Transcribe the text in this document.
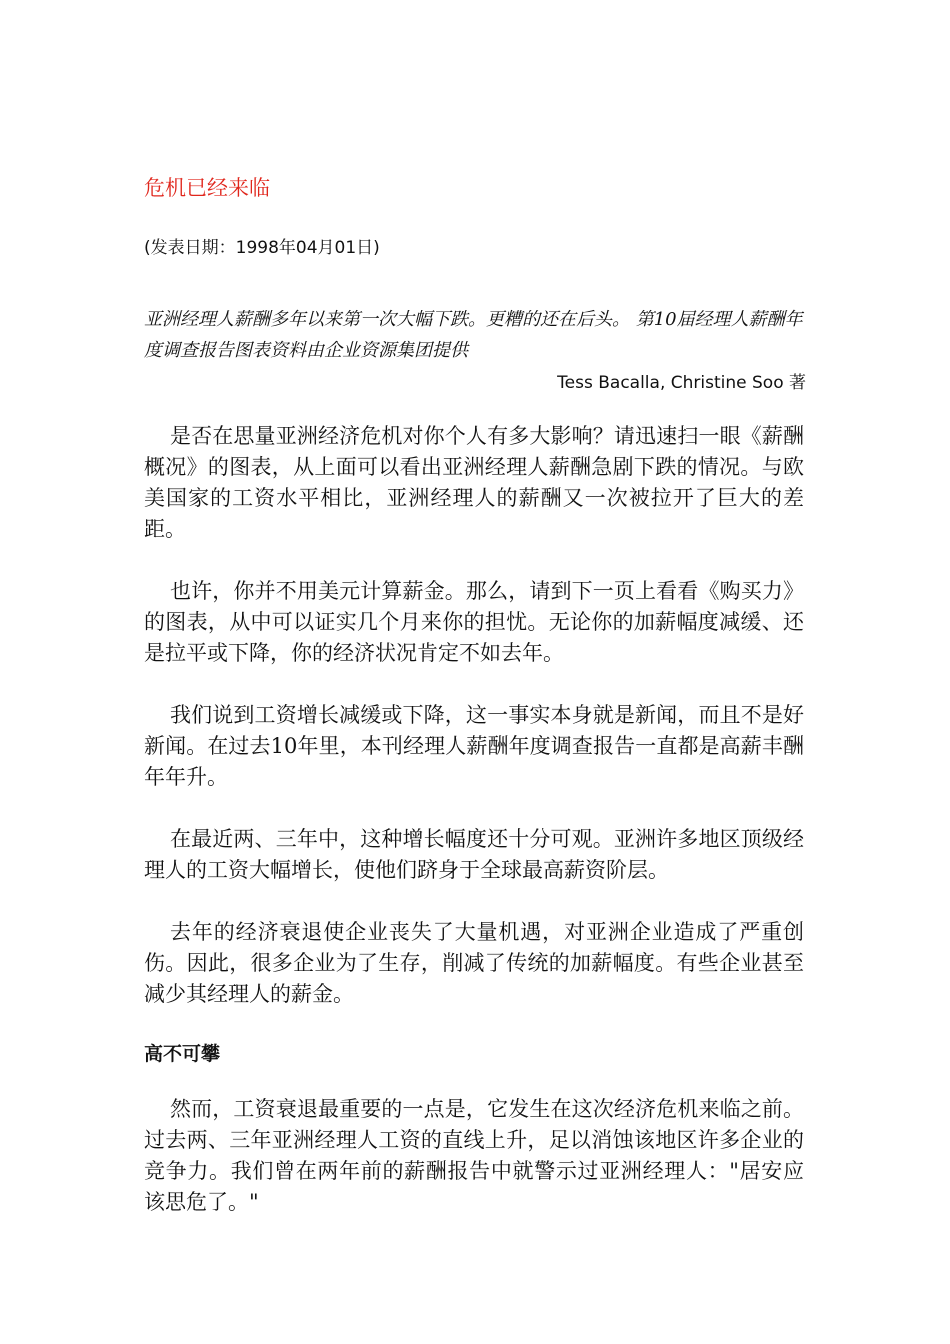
危机已经来临
(发表日期：1998年04月01日)
亚洲经理人薪酬多年以来第一次大幅下跌。更糟的还在后头。 第10届经理人薪酬年度调查报告图表资料由企业资源集团提供
Tess Bacalla, Christine Soo 著

是否在思量亚洲经济危机对你个人有多大影响？请迅速扫一眼《薪酬概况》的图表，从上面可以看出亚洲经理人薪酬急剧下跌的情况。与欧美国家的工资水平相比，亚洲经理人的薪酬又一次被拉开了巨大的差距。

也许，你并不用美元计算薪金。那么，请到下一页上看看《购买力》的图表，从中可以证实几个月来你的担忧。无论你的加薪幅度减缓、还是拉平或下降，你的经济状况肯定不如去年。

我们说到工资增长减缓或下降，这一事实本身就是新闻，而且不是好新闻。在过去10年里，本刊经理人薪酬年度调查报告一直都是高薪丰酬年年升。

在最近两、三年中，这种增长幅度还十分可观。亚洲许多地区顶级经理人的工资大幅增长，使他们跻身于全球最高薪资阶层。

去年的经济衰退使企业丧失了大量机遇，对亚洲企业造成了严重创伤。因此，很多企业为了生存，削减了传统的加薪幅度。有些企业甚至减少其经理人的薪金。

高不可攀

然而，工资衰退最重要的一点是，它发生在这次经济危机来临之前。过去两、三年亚洲经理人工资的直线上升，足以消蚀该地区许多企业的竞争力。我们曾在两年前的薪酬报告中就警示过亚洲经理人："居安应该思危了。"
